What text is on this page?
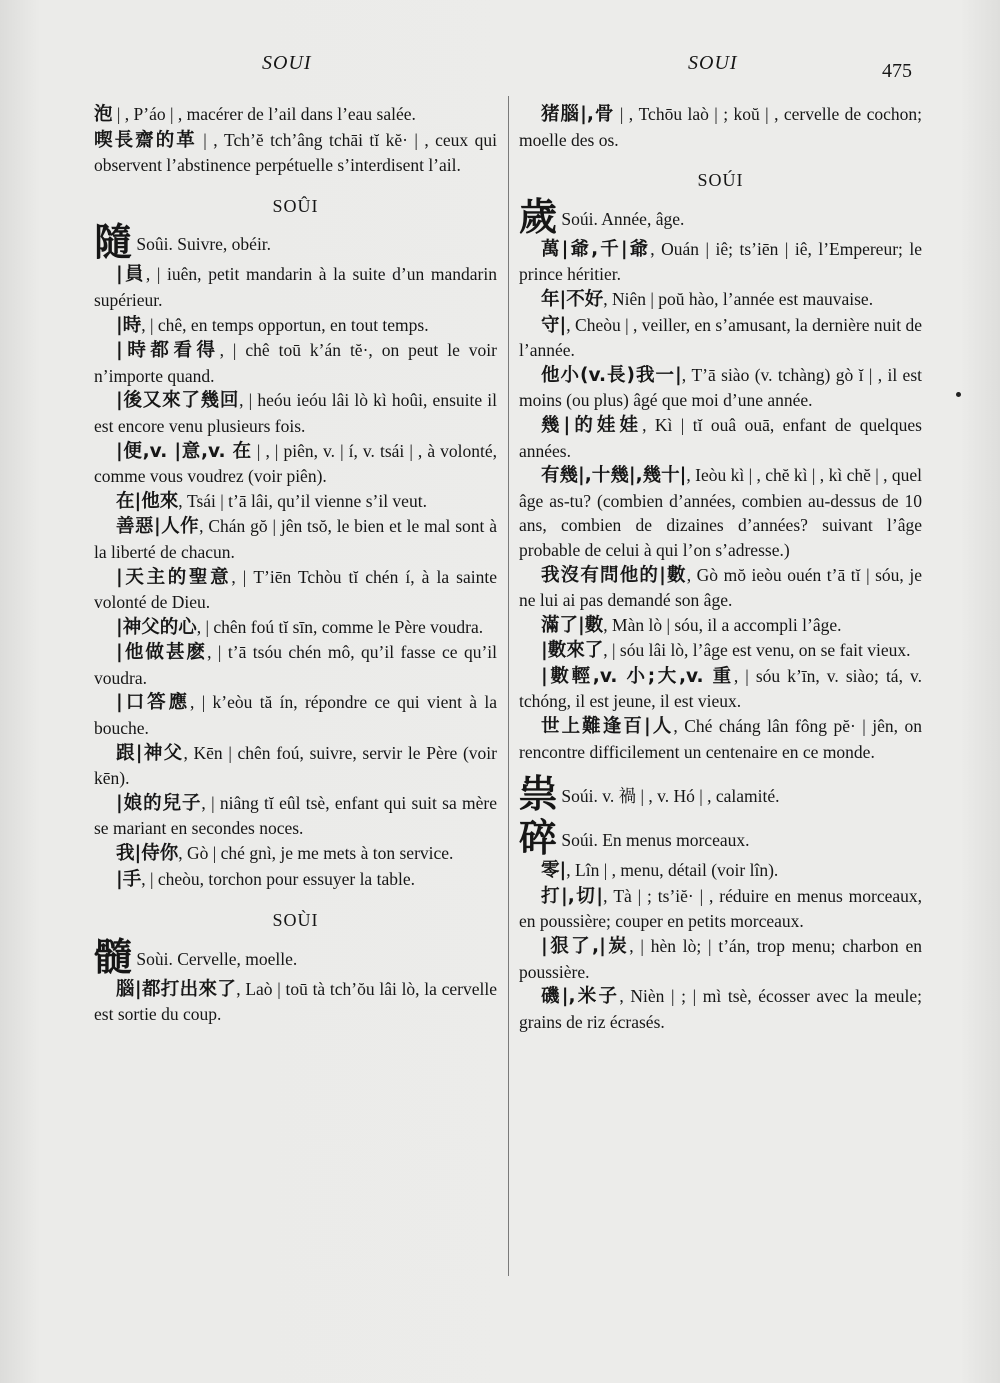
SOUI	SOUI	475

泡 | , P’áo | , macérer de l’ail dans l’eau salée.

喫長齋的革 | , Tch’ĕ tch’âng tchāi tĭ kĕ· | , ceux qui observent l’abstinence perpétuelle s’interdisent l’ail.

SOÛI

隨 Soûi. Suivre, obéir.

|員, | iuên, petit mandarin à la suite d’un mandarin supérieur.

|時, | chê, en temps opportun, en tout temps.

|時都看得, | chê toū k’án tĕ·, on peut le voir n’importe quand.

|後又來了幾回, | heóu ieóu lâi lò kì hoûi, ensuite il est encore venu plusieurs fois.

|便,v. |意,v. 在 | , | piên, v. | í, v. tsái | , à volonté, comme vous voudrez (voir piên).

在|他來, Tsái | t’ā lâi, qu’il vienne s’il veut.

善惡|人作, Chán gŏ | jên tsŏ, le bien et le mal sont à la liberté de chacun.

|天主的聖意, | T’iēn Tchòu tĭ chén í, à la sainte volonté de Dieu.

|神父的心, | chên foú tĭ sīn, comme le Père voudra.

|他做甚麽, | t’ā tsóu chén mô, qu’il fasse ce qu’il voudra.

|口答應, | k’eòu tă ín, répondre ce qui vient à la bouche.

跟|神父, Kēn | chên foú, suivre, servir le Père (voir kēn).

|娘的兒子, | niâng tĭ eûl tsè, enfant qui suit sa mère se mariant en secondes noces.

我|侍你, Gò | ché gnì, je me mets à ton service.

|手, | cheòu, torchon pour essuyer la table.

SOÙI

髓 Soùi. Cervelle, moelle.

腦|都打出來了, Laò | toū tà tch’ŏu lâi lò, la cervelle est sortie du coup.

猪腦|,骨 | , Tchōu laò | ; koŭ | , cervelle de cochon; moelle des os.

SOÚI

歲 Soúi. Année, âge.

萬|爺,千|爺, Ouán | iê; ts’iēn | iê, l’Empereur; le prince héritier.

年|不好, Niên | poŭ hào, l’année est mauvaise.

守|, Cheòu | , veiller, en s’amusant, la dernière nuit de l’année.

他小(v.長)我一|, T’ā siào (v. tchàng) gò ĭ | , il est moins (ou plus) âgé que moi d’une année.

幾|的娃娃, Kì | tĭ ouâ ouā, enfant de quelques années.

有幾|,十幾|,幾十|, Ieòu kì | , chĕ kì | , kì chĕ | , quel âge as-tu? (combien d’années, combien au-dessus de 10 ans, combien de dizaines d’années? suivant l’âge probable de celui à qui l’on s’adresse.)

我沒有問他的|數, Gò mŏ ieòu ouén t’ā tĭ | sóu, je ne lui ai pas demandé son âge.

滿了|數, Màn lò | sóu, il a accompli l’âge.

|數來了, | sóu lâi lò, l’âge est venu, on se fait vieux.

|數輕,v. 小;大,v. 重, | sóu k’īn, v. siào; tá, v. tchóng, il est jeune, il est vieux.

世上難逢百|人, Ché cháng lân fông pĕ· | jên, on rencontre difficilement un centenaire en ce monde.

祟 Soúi. v. 禍 | , v. Hó | , calamité.

碎 Soúi. En menus morceaux.

零|, Lîn | , menu, détail (voir lîn).

打|,切|, Tà | ; ts’iĕ· | , réduire en menus morceaux, en poussière; couper en petits morceaux.

|狠了,|炭, | hèn lò; | t’án, trop menu; charbon en poussière.

磯|,米子, Nièn | ; | mì tsè, écosser avec la meule; grains de riz écrasés.
